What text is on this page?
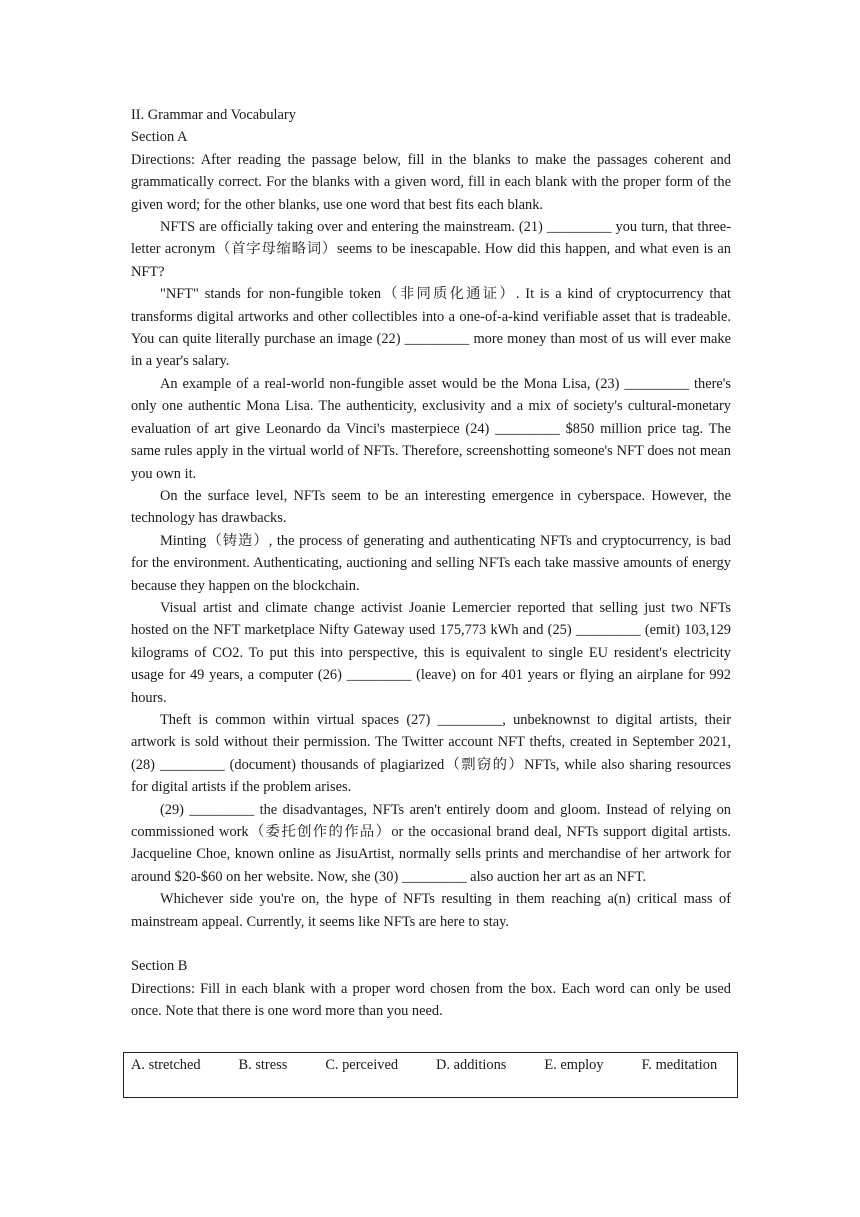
II. Grammar and Vocabulary

Section A

Directions: After reading the passage below, fill in the blanks to make the passages coherent and grammatically correct. For the blanks with a given word, fill in each blank with the proper form of the given word; for the other blanks, use one word that best fits each blank.

NFTS are officially taking over and entering the mainstream. (21) _________ you turn, that three-letter acronym（首字母缩略词）seems to be inescapable. How did this happen, and what even is an NFT?

"NFT" stands for non-fungible token（非同质化通证）. It is a kind of cryptocurrency that transforms digital artworks and other collectibles into a one-of-a-kind verifiable asset that is tradeable. You can quite literally purchase an image (22) _________ more money than most of us will ever make in a year's salary.

An example of a real-world non-fungible asset would be the Mona Lisa, (23) _________ there's only one authentic Mona Lisa. The authenticity, exclusivity and a mix of society's cultural-monetary evaluation of art give Leonardo da Vinci's masterpiece (24) _________ $850 million price tag. The same rules apply in the virtual world of NFTs. Therefore, screenshotting someone's NFT does not mean you own it.

On the surface level, NFTs seem to be an interesting emergence in cyberspace. However, the technology has drawbacks.

Minting（铸造）, the process of generating and authenticating NFTs and cryptocurrency, is bad for the environment. Authenticating, auctioning and selling NFTs each take massive amounts of energy because they happen on the blockchain.

Visual artist and climate change activist Joanie Lemercier reported that selling just two NFTs hosted on the NFT marketplace Nifty Gateway used 175,773 kWh and (25) _________ (emit) 103,129 kilograms of CO2. To put this into perspective, this is equivalent to single EU resident's electricity usage for 49 years, a computer (26) _________ (leave) on for 401 years or flying an airplane for 992 hours.

Theft is common within virtual spaces (27) _________, unbeknownst to digital artists, their artwork is sold without their permission. The Twitter account NFT thefts, created in September 2021, (28) _________ (document) thousands of plagiarized（剽窃的）NFTs, while also sharing resources for digital artists if the problem arises.

(29) _________ the disadvantages, NFTs aren't entirely doom and gloom. Instead of relying on commissioned work（委托创作的作品）or the occasional brand deal, NFTs support digital artists. Jacqueline Choe, known online as JisuArtist, normally sells prints and merchandise of her artwork for around $20-$60 on her website. Now, she (30) _________ also auction her art as an NFT.

Whichever side you're on, the hype of NFTs resulting in them reaching a(n) critical mass of mainstream appeal. Currently, it seems like NFTs are here to stay.

Section B

Directions: Fill in each blank with a proper word chosen from the box. Each word can only be used once. Note that there is one word more than you need.

A. stretched	B. stress	C. perceived	D. additions	E. employ	F. meditation
